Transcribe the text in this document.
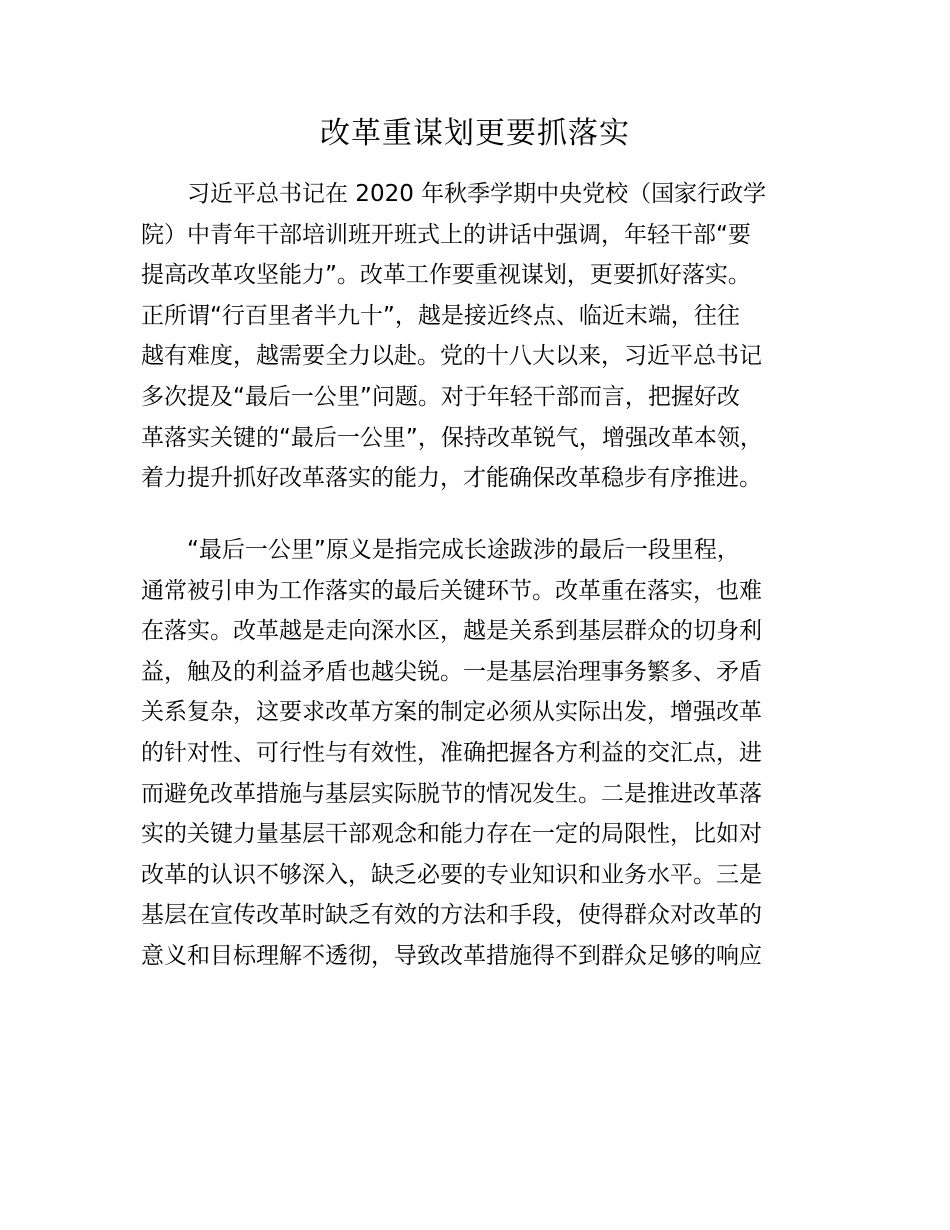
改革重谋划更要抓落实
习近平总书记在 2020 年秋季学期中央党校（国家行政学
院）中青年干部培训班开班式上的讲话中强调，年轻干部“要
提高改革攻坚能力”。改革工作要重视谋划，更要抓好落实。
正所谓“行百里者半九十”，越是接近终点、临近末端，往往
越有难度，越需要全力以赴。党的十八大以来，习近平总书记
多次提及“最后一公里”问题。对于年轻干部而言，把握好改
革落实关键的“最后一公里”，保持改革锐气，增强改革本领，
着力提升抓好改革落实的能力，才能确保改革稳步有序推进。
“最后一公里”原义是指完成长途跋涉的最后一段里程，
通常被引申为工作落实的最后关键环节。改革重在落实，也难
在落实。改革越是走向深水区，越是关系到基层群众的切身利
益，触及的利益矛盾也越尖锐。一是基层治理事务繁多、矛盾
关系复杂，这要求改革方案的制定必须从实际出发，增强改革
的针对性、可行性与有效性，准确把握各方利益的交汇点，进
而避免改革措施与基层实际脱节的情况发生。二是推进改革落
实的关键力量基层干部观念和能力存在一定的局限性，比如对
改革的认识不够深入，缺乏必要的专业知识和业务水平。三是
基层在宣传改革时缺乏有效的方法和手段，使得群众对改革的
意义和目标理解不透彻，导致改革措施得不到群众足够的响应
